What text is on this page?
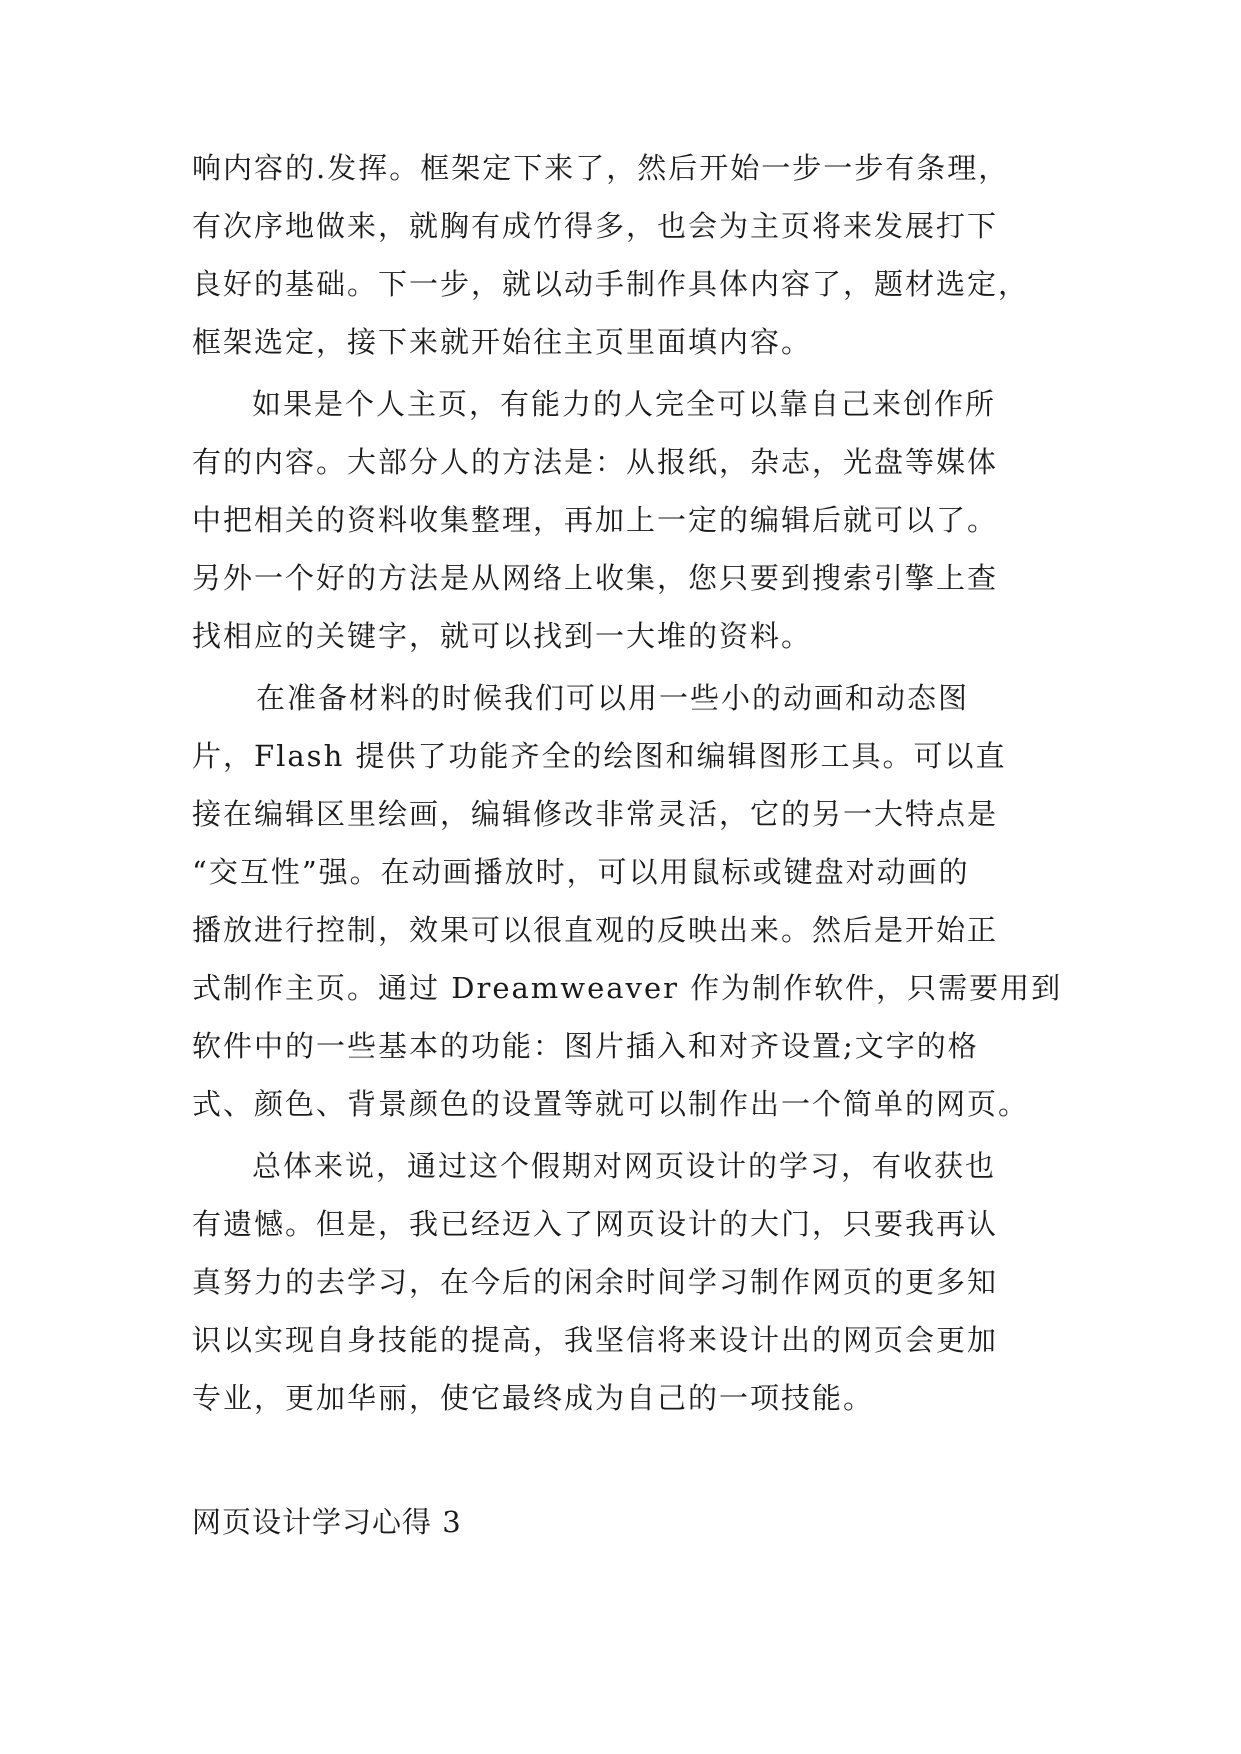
响内容的.发挥。框架定下来了，然后开始一步一步有条理，
有次序地做来，就胸有成竹得多，也会为主页将来发展打下
良好的基础。下一步，就以动手制作具体内容了，题材选定，
框架选定，接下来就开始往主页里面填内容。
如果是个人主页，有能力的人完全可以靠自己来创作所
有的内容。大部分人的方法是：从报纸，杂志，光盘等媒体
中把相关的资料收集整理，再加上一定的编辑后就可以了。
另外一个好的方法是从网络上收集，您只要到搜索引擎上查
找相应的关键字，就可以找到一大堆的资料。
在准备材料的时候我们可以用一些小的动画和动态图
片，Flash 提供了功能齐全的绘图和编辑图形工具。可以直
接在编辑区里绘画，编辑修改非常灵活，它的另一大特点是
“交互性”强。在动画播放时，可以用鼠标或键盘对动画的
播放进行控制，效果可以很直观的反映出来。然后是开始正
式制作主页。通过 Dreamweaver 作为制作软件，只需要用到
软件中的一些基本的功能：图片插入和对齐设置;文字的格
式、颜色、背景颜色的设置等就可以制作出一个简单的网页。
总体来说，通过这个假期对网页设计的学习，有收获也
有遗憾。但是，我已经迈入了网页设计的大门，只要我再认
真努力的去学习，在今后的闲余时间学习制作网页的更多知
识以实现自身技能的提高，我坚信将来设计出的网页会更加
专业，更加华丽，使它最终成为自己的一项技能。
网页设计学习心得 3
